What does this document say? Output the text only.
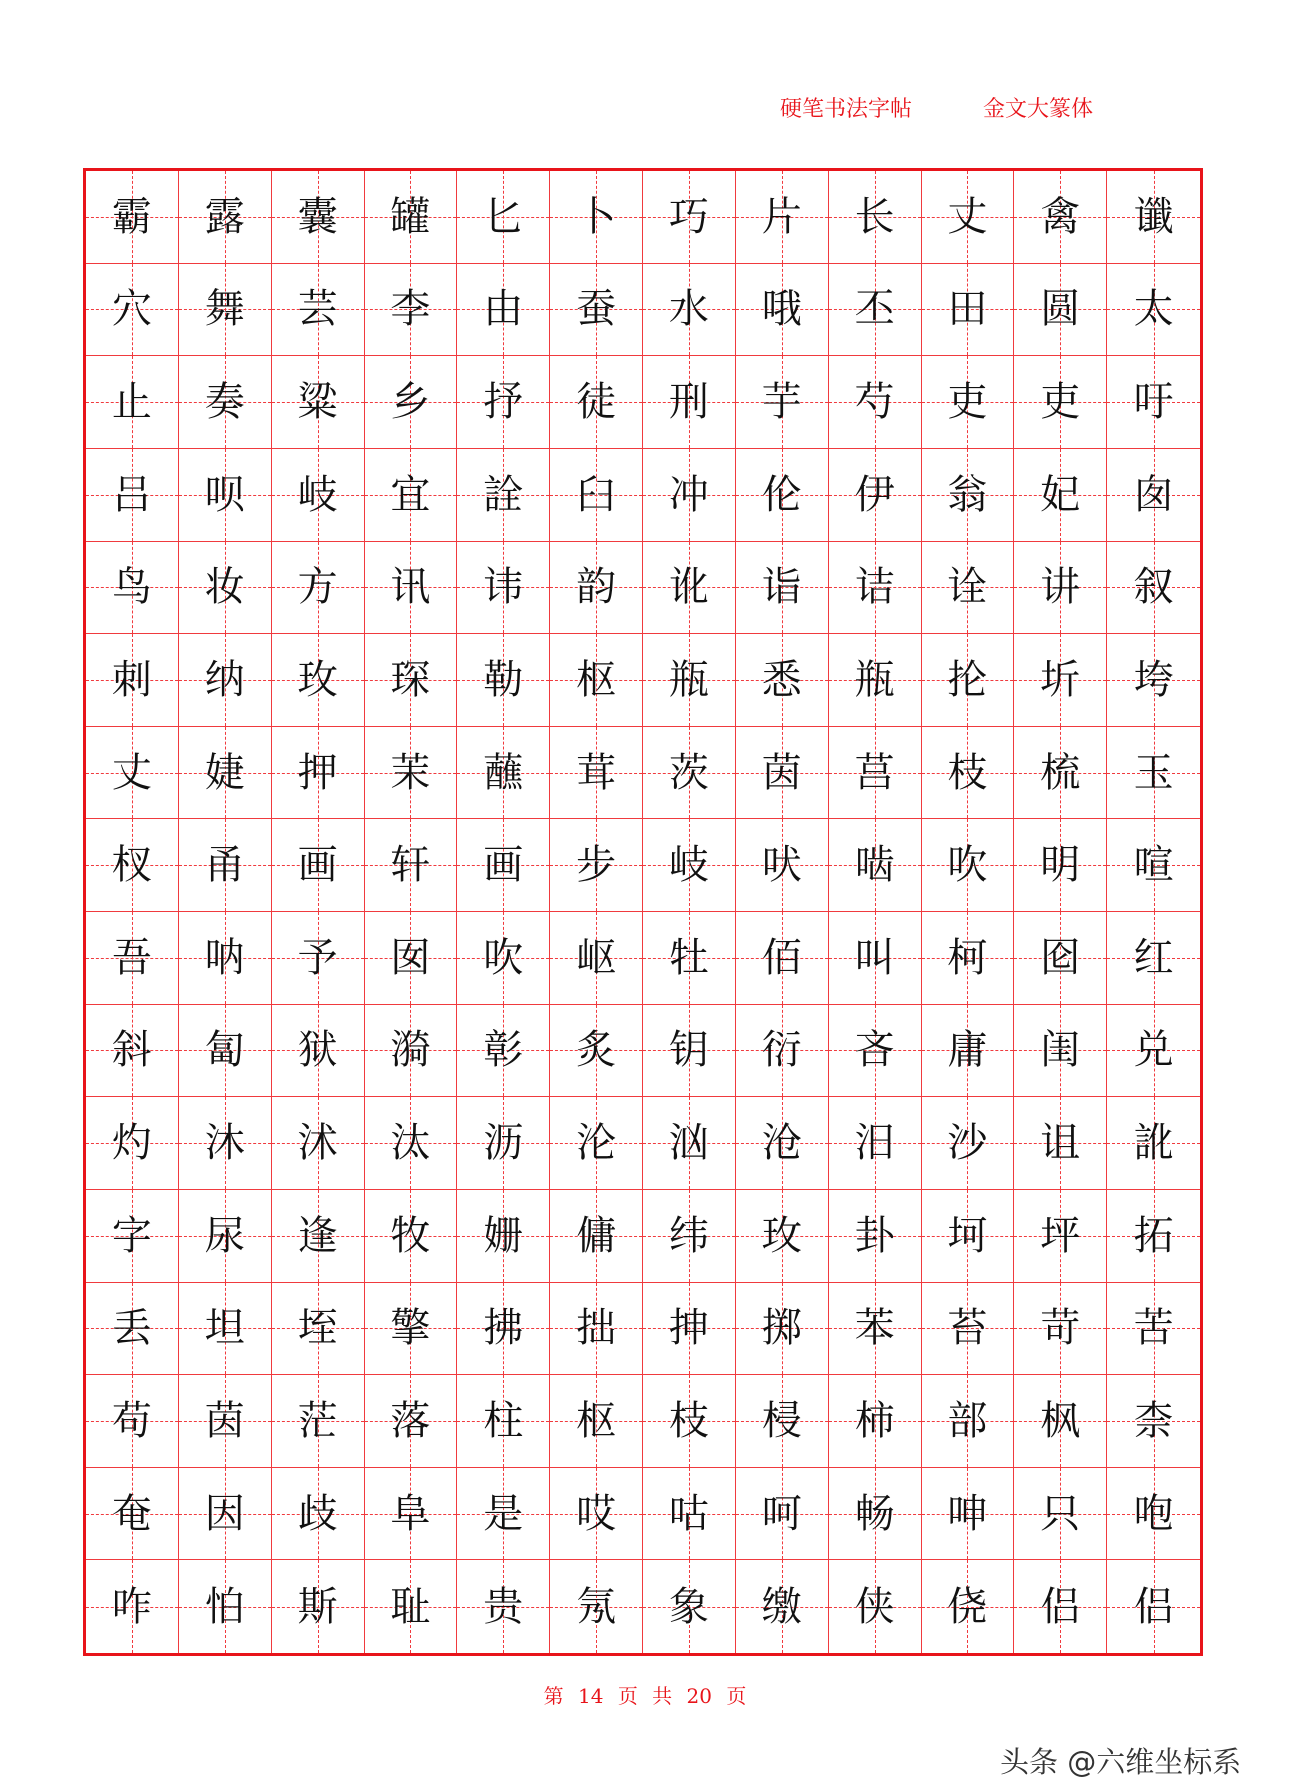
硬笔书法字帖	金文大篆体
霸 露 囊 罐 匕 卜 巧 片 长 丈 禽 谶
穴 舞 芸 李 由 蚕 水 哦 丕 田 圆 太
止 奏 粱 乡 抒 徒 刑 芋 芍 吏 吏 吁
吕 呗 岐 宜 詮 臼 冲 伦 伊 翁 妃 囱
鸟 妆 方 讯 讳 韵 讹 诣 诘 诠 讲 叙
刺 纳 玫 琛 勒 枢 瓶 悉 瓶 抡 圻 垮
丈 婕 押 茉 蘸 茸 茨 茵 莒 枝 梳 玉
杈 甬 画 轩 画 步 岐 吠 啮 吹 明 喧
吾 呐 予 囡 吹 岖 牡 佰 叫 柯 囵 红
斜 匐 狱 漪 彰 炙 钥 衍 吝 庸 闺 兑
灼 沐 沭 汰 沥 沦 汹 沧 汨 沙 诅 訛
字 尿 逢 牧 姗 傭 纬 玫 卦 坷 坪 拓
丢 坦 垤 擎 拂 拙 抻 掷 苯 苔 苛 苦
苟 茵 茫 落 柱 枢 枝 梫 柿 部 枫 柰
奄 因 歧 阜 是 哎 咕 呵 畅 呻 只 咆
咋 怕 斯 耻 贵 氖 象 缴 侠 侥 侣 侣
第 14 页 共 20 页
头条 @六维坐标系
